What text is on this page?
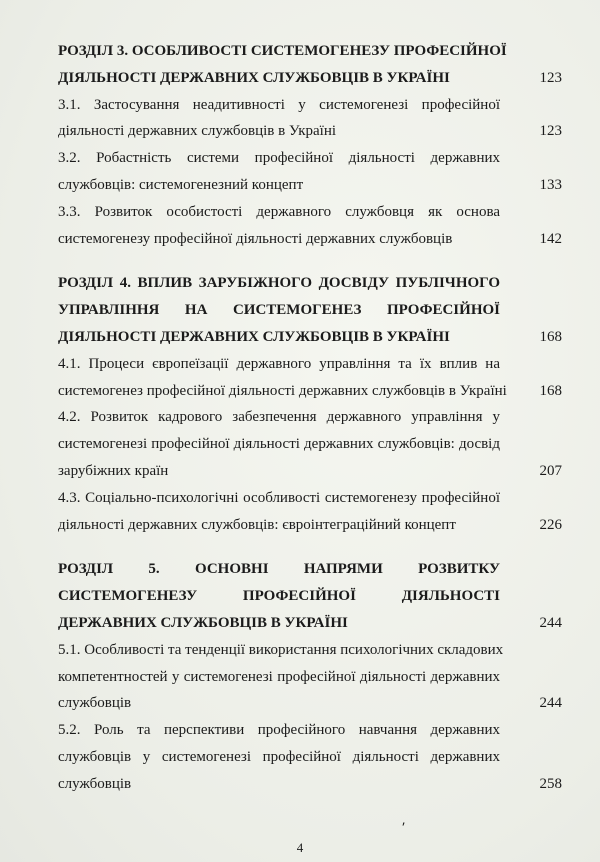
РОЗДІЛ 3. ОСОБЛИВОСТІ СИСТЕМОГЕНЕЗУ ПРОФЕСІЙНОЇ
ДІЯЛЬНОСТІ ДЕРЖАВНИХ СЛУЖБОВЦІВ В УКРАЇНІ	123
3.1. Застосування неадитивності у системогенезі професійної
діяльності державних службовців в Україні	123
3.2. Робастність системи професійної діяльності державних
службовців: системогенезний концепт	133
3.3. Розвиток особистості державного службовця як основа
системогенезу професійної діяльності державних службовців	142
РОЗДІЛ 4. ВПЛИВ ЗАРУБІЖНОГО ДОСВІДУ ПУБЛІЧНОГО
УПРАВЛІННЯ НА СИСТЕМОГЕНЕЗ ПРОФЕСІЙНОЇ
ДІЯЛЬНОСТІ ДЕРЖАВНИХ СЛУЖБОВЦІВ В УКРАЇНІ	168
4.1. Процеси європеїзації державного управління та їх вплив на
системогенез професійної діяльності державних службовців в Україні 168
4.2. Розвиток кадрового забезпечення державного управління у
системогенезі професійної діяльності державних службовців: досвід
зарубіжних країн	207
4.3. Соціально-психологічні особливості системогенезу професійної
діяльності державних службовців: євроінтеграційний концепт	226
РОЗДІЛ 5. ОСНОВНІ НАПРЯМИ РОЗВИТКУ
СИСТЕМОГЕНЕЗУ ПРОФЕСІЙНОЇ ДІЯЛЬНОСТІ
ДЕРЖАВНИХ СЛУЖБОВЦІВ В УКРАЇНІ	244
5.1. Особливості та тенденції використання психологічних складових
компетентностей у системогенезі професійної діяльності державних
службовців	244
5.2. Роль та перспективи професійного навчання державних
службовців у системогенезі професійної діяльності державних
службовців	258
⸴
4
